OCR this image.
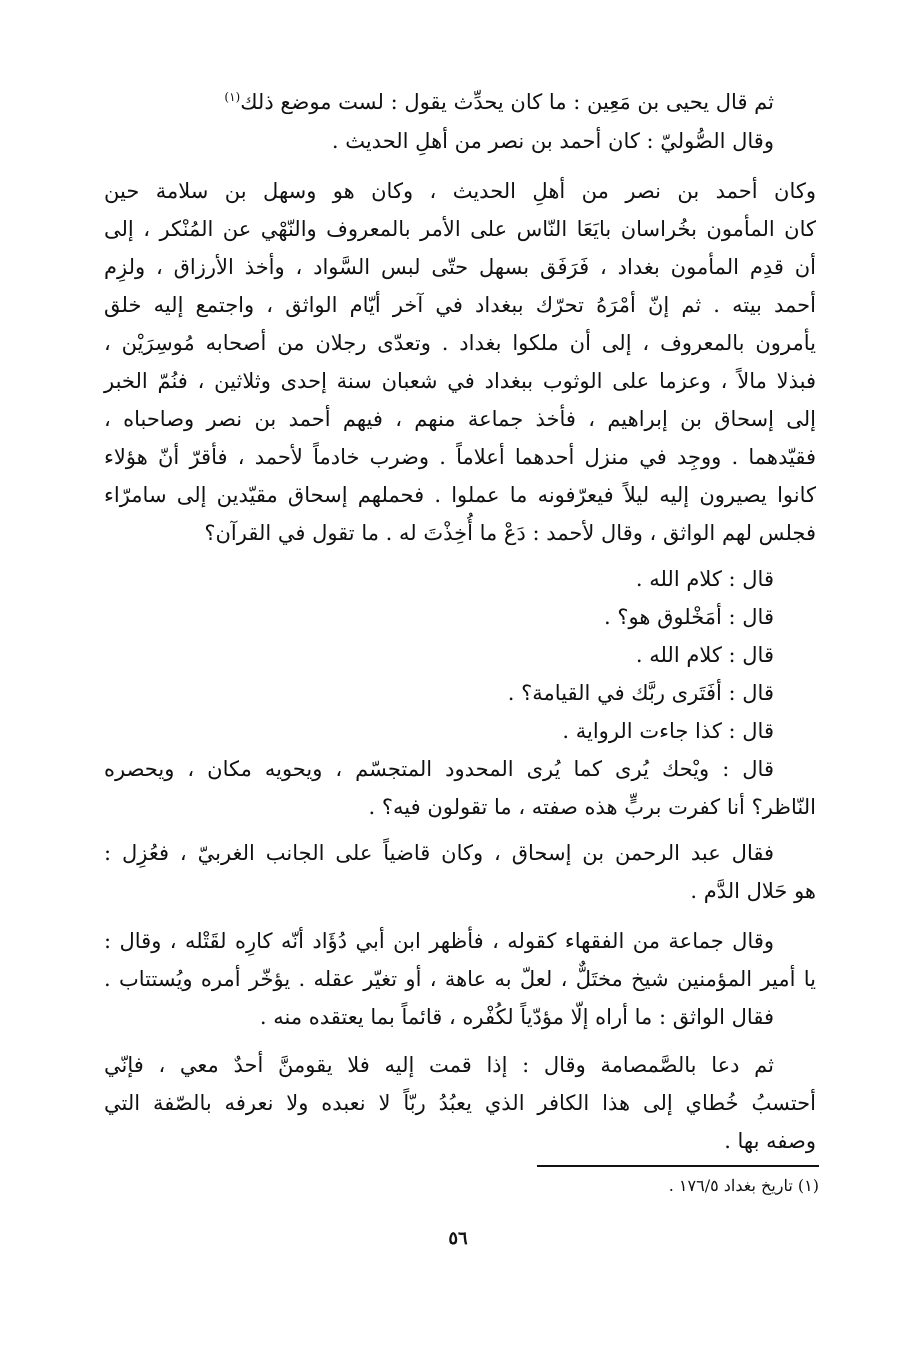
ثم قال يحيى بن مَعِين : ما كان يحدِّث يقول : لست موضع ذلك$^{(١)}$
وقال الصُّوليّ : كان أحمد بن نصر من أهلِ الحديث .
وكان أحمد بن نصر من أهلِ الحديث ، وكان هو وسهل بن سلامة حين
كان المأمون بخُراسان بايَعَا النّاس على الأمر بالمعروف والنّهْي عن المُنْكر ، إلى
أن قدِم المأمون بغداد ، فَرَفَق بسهل حتّى لبس السَّواد ، وأخذ الأرزاق ، ولزِم
أحمد بيته . ثم إنّ أمْرَهُ تحرّك ببغداد في آخر أيّام الواثق ، واجتمع إليه خلق
يأمرون بالمعروف ، إلى أن ملكوا بغداد . وتعدّى رجلان من أصحابه مُوسِرَيْن ،
فبذلا مالاً ، وعزما على الوثوب ببغداد في شعبان سنة إحدى وثلاثين ، فنُمّ الخبر
إلى إسحاق بن إبراهيم ، فأخذ جماعة منهم ، فيهم أحمد بن نصر وصاحباه ،
فقيّدهما . ووجِد في منزل أحدهما أعلاماً . وضرب خادماً لأحمد ، فأقرّ أنّ هؤلاء
كانوا يصيرون إليه ليلاً فيعرّفونه ما عملوا . فحملهم إسحاق مقيّدين إلى سامرّاء
فجلس لهم الواثق ، وقال لأحمد : دَعْ ما أُخِذْتَ له . ما تقول في القرآن؟
قال : كلام الله .
قال : أمَخْلوق هو؟ .
قال : كلام الله .
قال : أفَتَرى ربَّك في القيامة؟ .
قال : كذا جاءت الرواية .
قال : ويْحك يُرى كما يُرى المحدود المتجسّم ، ويحويه مكان ، ويحصره
النّاظر؟ أنا كفرت بربٍّ هذه صفته ، ما تقولون فيه؟ .
فقال عبد الرحمن بن إسحاق ، وكان قاضياً على الجانب الغربيّ ، فعُزِل :
هو حَلال الدَّم .
وقال جماعة من الفقهاء كقوله ، فأظهر ابن أبي دُؤَاد أنّه كارِه لقَتْله ، وقال :
يا أمير المؤمنين شيخ مختَلٌّ ، لعلّ به عاهة ، أو تغيّر عقله . يؤخّر أمره ويُستتاب .
فقال الواثق : ما أراه إلّا مؤدّياً لكُفْره ، قائماً بما يعتقده منه .
ثم دعا بالصَّمصامة وقال : إذا قمت إليه فلا يقومنَّ أحدٌ معي ، فإنّي
أحتسبُ خُطاي إلى هذا الكافر الذي يعبُدُ ربّاً لا نعبده ولا نعرفه بالصّفة التي
وصفه بها .
(١) تاريخ بغداد ١٧٦/٥ .
٥٦
